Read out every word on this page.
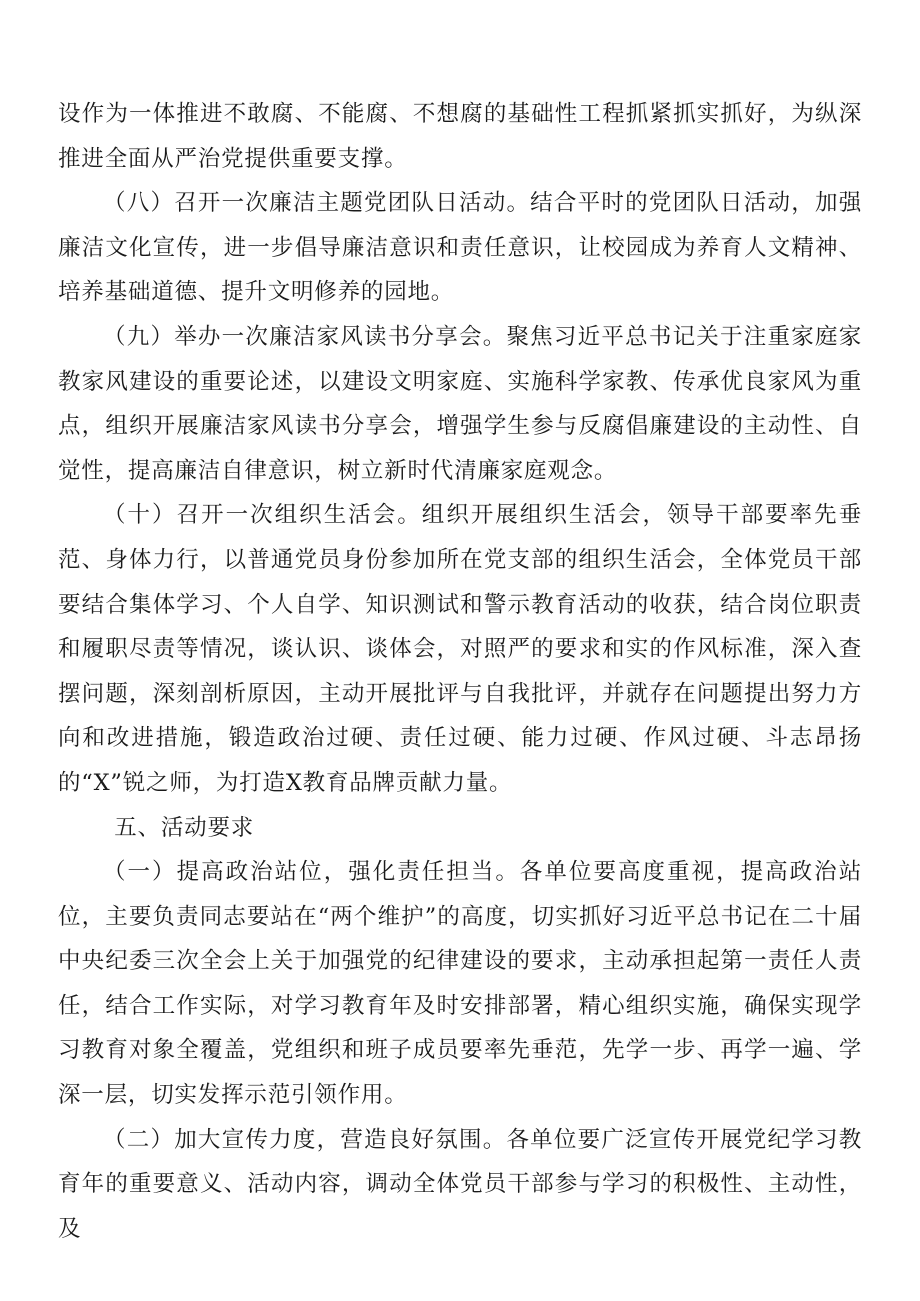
设作为一体推进不敢腐、不能腐、不想腐的基础性工程抓紧抓实抓好，为纵深推进全面从严治党提供重要支撑。

（八）召开一次廉洁主题党团队日活动。结合平时的党团队日活动，加强廉洁文化宣传，进一步倡导廉洁意识和责任意识，让校园成为养育人文精神、培养基础道德、提升文明修养的园地。

（九）举办一次廉洁家风读书分享会。聚焦习近平总书记关于注重家庭家教家风建设的重要论述，以建设文明家庭、实施科学家教、传承优良家风为重点，组织开展廉洁家风读书分享会，增强学生参与反腐倡廉建设的主动性、自觉性，提高廉洁自律意识，树立新时代清廉家庭观念。

（十）召开一次组织生活会。组织开展组织生活会，领导干部要率先垂范、身体力行，以普通党员身份参加所在党支部的组织生活会，全体党员干部要结合集体学习、个人自学、知识测试和警示教育活动的收获，结合岗位职责和履职尽责等情况，谈认识、谈体会，对照严的要求和实的作风标准，深入查摆问题，深刻剖析原因，主动开展批评与自我批评，并就存在问题提出努力方向和改进措施，锻造政治过硬、责任过硬、能力过硬、作风过硬、斗志昂扬的“X”锐之师，为打造X教育品牌贡献力量。

五、活动要求

（一）提高政治站位，强化责任担当。各单位要高度重视，提高政治站位，主要负责同志要站在“两个维护”的高度，切实抓好习近平总书记在二十届中央纪委三次全会上关于加强党的纪律建设的要求，主动承担起第一责任人责任，结合工作实际，对学习教育年及时安排部署，精心组织实施，确保实现学习教育对象全覆盖，党组织和班子成员要率先垂范，先学一步、再学一遍、学深一层，切实发挥示范引领作用。

（二）加大宣传力度，营造良好氛围。各单位要广泛宣传开展党纪学习教育年的重要意义、活动内容，调动全体党员干部参与学习的积极性、主动性，及
